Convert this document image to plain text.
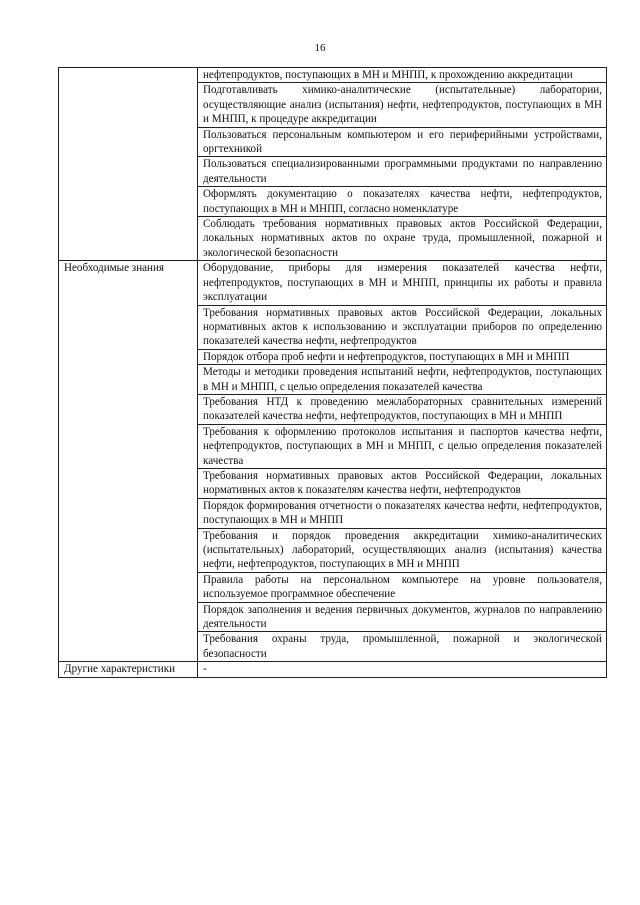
16
	нефтепродуктов, поступающих в МН и МНПП, к прохождению аккредитации
	Подготавливать химико-аналитические (испытательные) лаборатории, осуществляющие анализ (испытания) нефти, нефтепродуктов, поступающих в МН и МНПП, к процедуре аккредитации
	Пользоваться персональным компьютером и его периферийными устройствами, оргтехникой
	Пользоваться специализированными программными продуктами по направлению деятельности
	Оформлять документацию о показателях качества нефти, нефтепродуктов, поступающих в МН и МНПП, согласно номенклатуре
	Соблюдать требования нормативных правовых актов Российской Федерации, локальных нормативных актов по охране труда, промышленной, пожарной и экологической безопасности
Необходимые знания	Оборудование, приборы для измерения показателей качества нефти, нефтепродуктов, поступающих в МН и МНПП, принципы их работы и правила эксплуатации
	Требования нормативных правовых актов Российской Федерации, локальных нормативных актов к использованию и эксплуатации приборов по определению показателей качества нефти, нефтепродуктов
	Порядок отбора проб нефти и нефтепродуктов, поступающих в МН и МНПП
	Методы и методики проведения испытаний нефти, нефтепродуктов, поступающих в МН и МНПП, с целью определения показателей качества
	Требования НТД к проведению межлабораторных сравнительных измерений показателей качества нефти, нефтепродуктов, поступающих в МН и МНПП
	Требования к оформлению протоколов испытания и паспортов качества нефти, нефтепродуктов, поступающих в МН и МНПП, с целью определения показателей качества
	Требования нормативных правовых актов Российской Федерации, локальных нормативных актов к показателям качества нефти, нефтепродуктов
	Порядок формирования отчетности о показателях качества нефти, нефтепродуктов, поступающих в МН и МНПП
	Требования и порядок проведения аккредитации химико-аналитических (испытательных) лабораторий, осуществляющих анализ (испытания) качества нефти, нефтепродуктов, поступающих в МН и МНПП
	Правила работы на персональном компьютере на уровне пользователя, используемое программное обеспечение
	Порядок заполнения и ведения первичных документов, журналов по направлению деятельности
	Требования охраны труда, промышленной, пожарной и экологической безопасности
Другие характеристики	-
